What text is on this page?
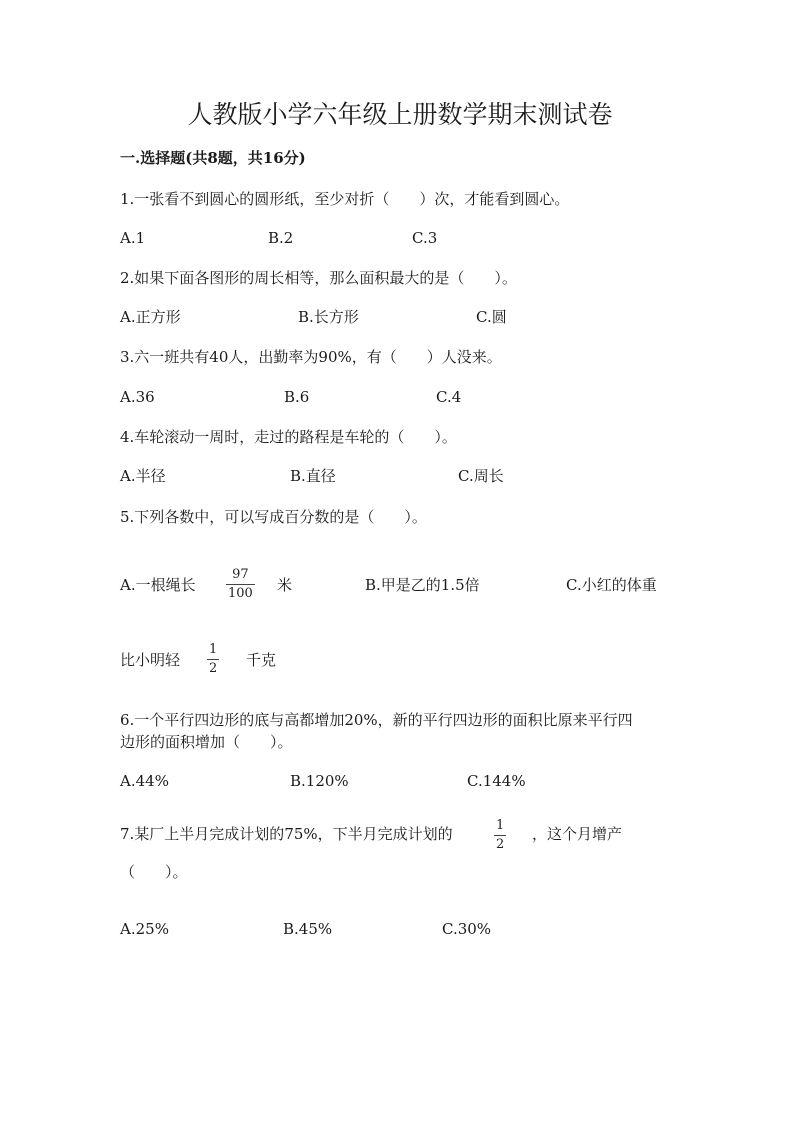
人教版小学六年级上册数学期末测试卷
一.选择题(共8题，共16分)
1.一张看不到圆心的圆形纸，至少对折（　　）次，才能看到圆心。
A.1	B.2	C.3
2.如果下面各图形的周长相等，那么面积最大的是（　　）。
A.正方形	B.长方形	C.圆
3.六一班共有40人，出勤率为90%，有（　　）人没来。
A.36	B.6	C.4
4.车轮滚动一周时，走过的路程是车轮的（　　）。
A.半径	B.直径	C.周长
5.下列各数中，可以写成百分数的是（　　）。
A.一根绳长
97
100 米	B.甲是乙的1.5倍	C.小红的体重
比小明轻
1
2 千克
6.一个平行四边形的底与高都增加20%，新的平行四边形的面积比原来平行四
边形的面积增加（　　）。
A.44%	B.120%	C.144%
7.某厂上半月完成计划的75%，下半月完成计划的	1
2
，这个月增产
（　　）。
A.25%	B.45%	C.30%
